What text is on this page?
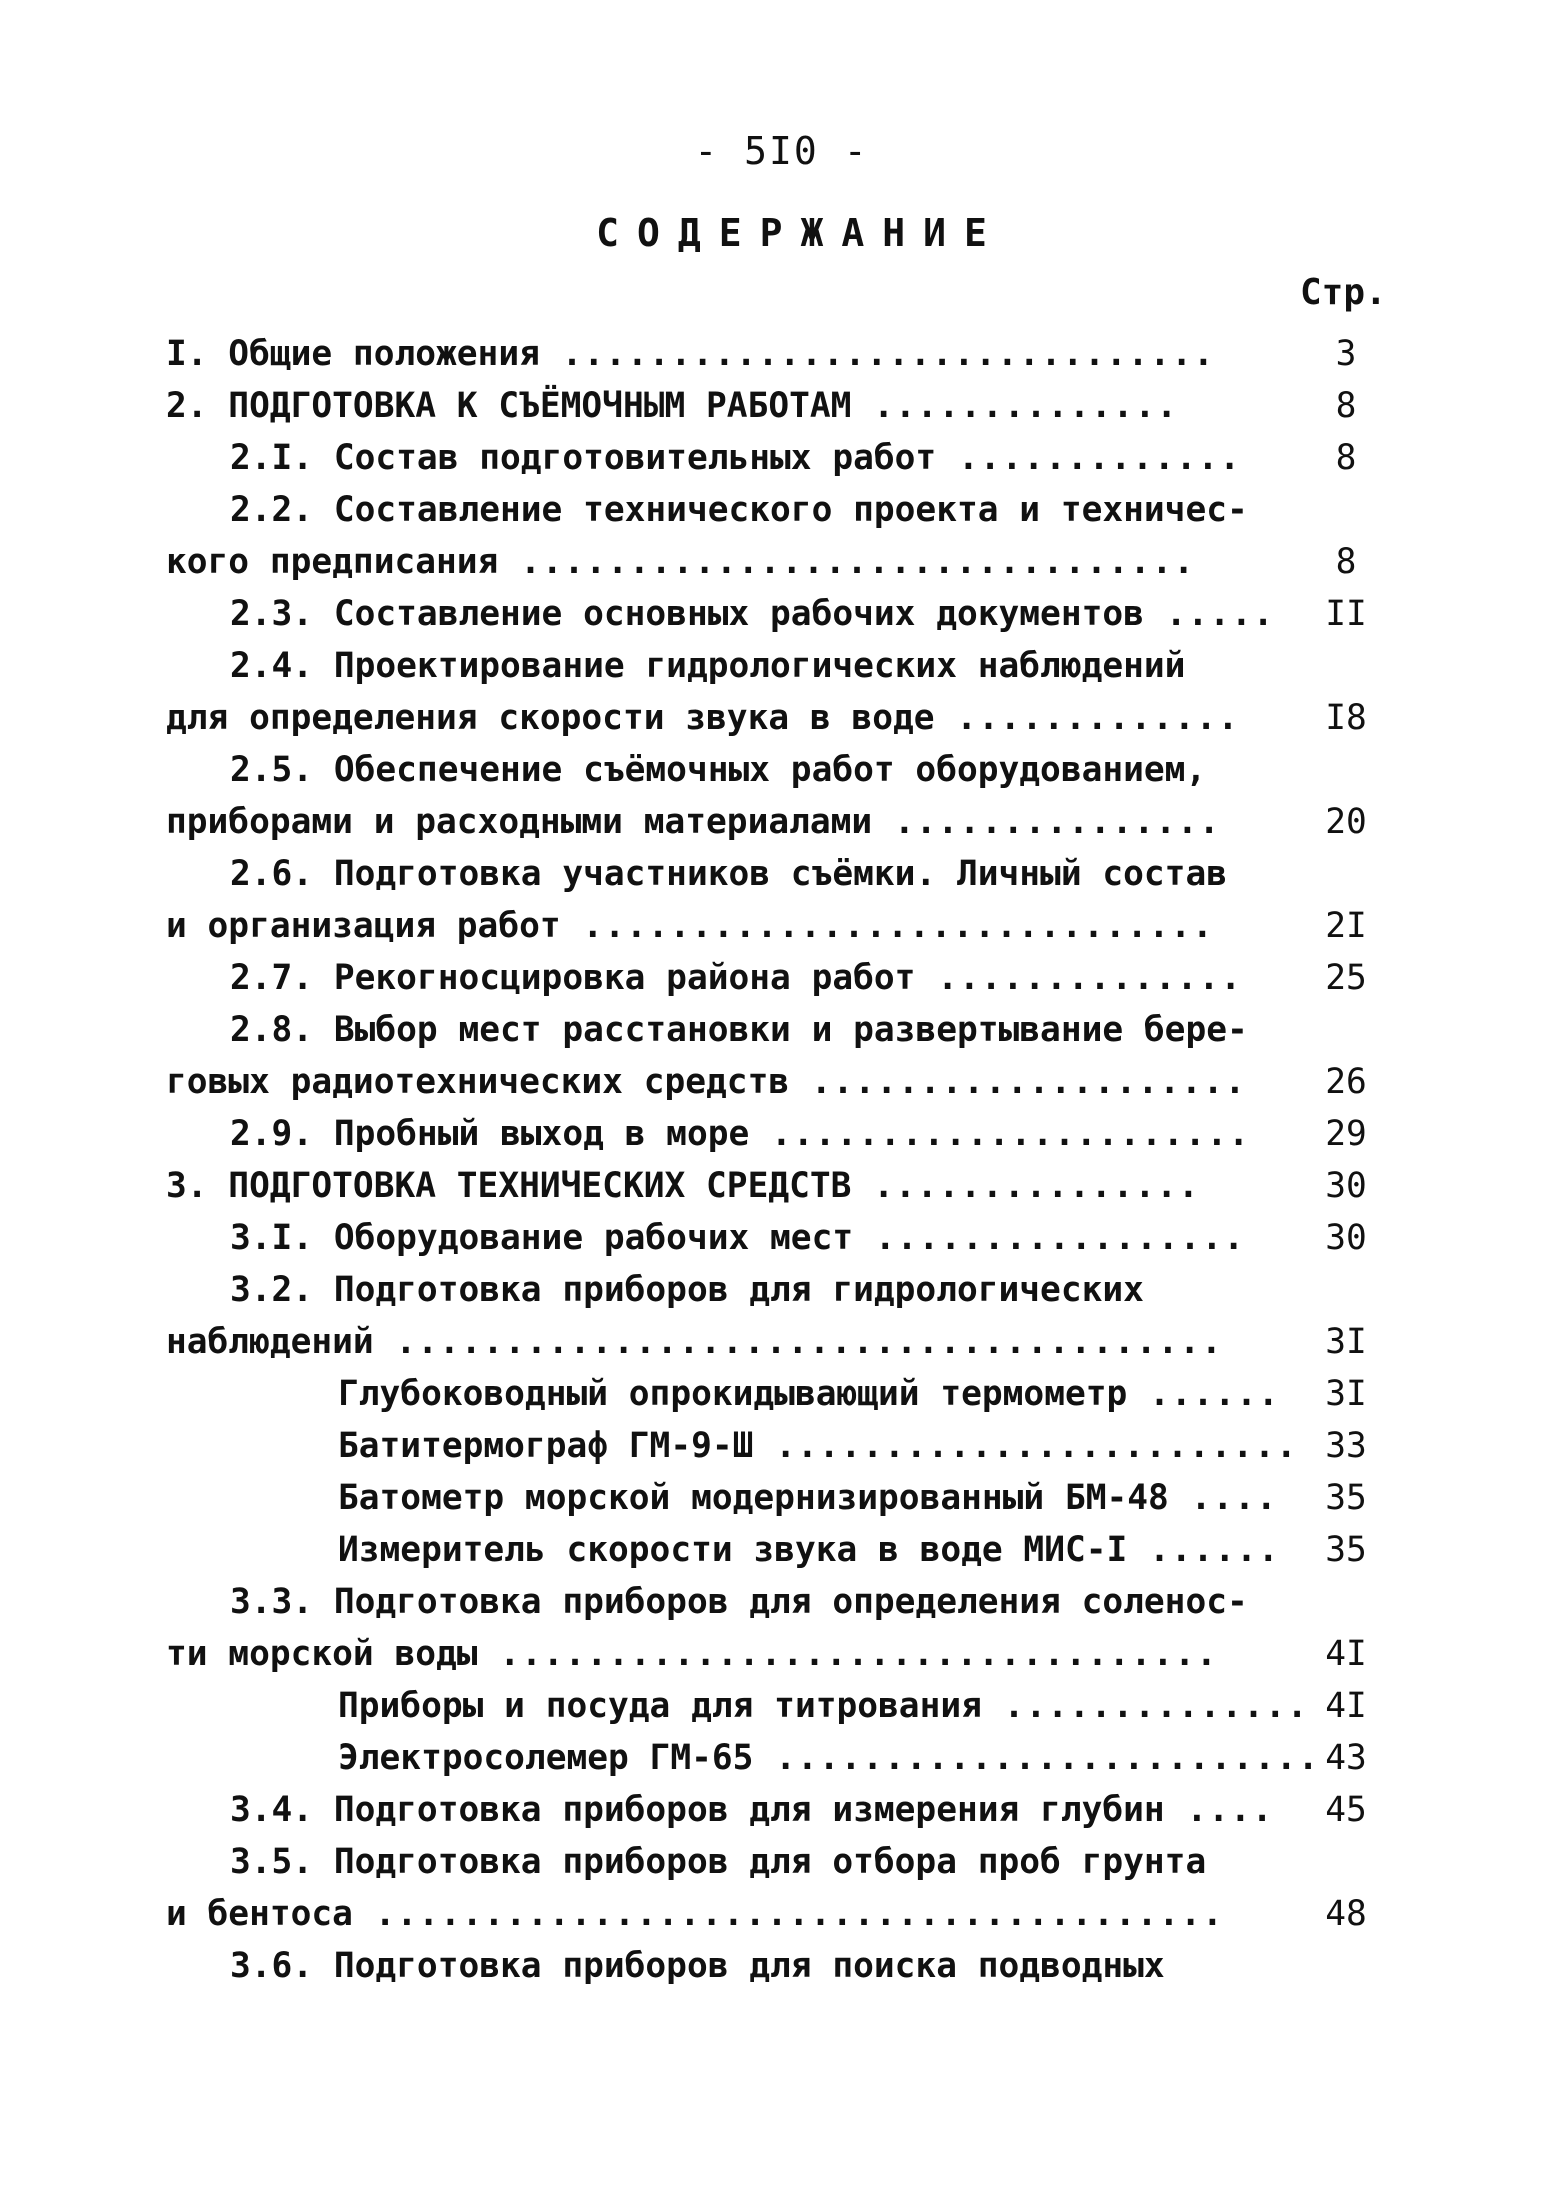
- 5I0 -
СОДЕРЖАНИЕ
Стр.
I. Общие положения ..............................	3
2. ПОДГОТОВКА К СЪЁМОЧНЫМ РАБОТАМ ..............	8
2.I. Состав подготовительных работ .............	8
2.2. Составление технического проекта и техничес-
кого предписания ...............................	8
2.3. Составление основных рабочих документов .....	II
2.4. Проектирование гидрологических наблюдений
для определения скорости звука в воде .............	I8
2.5. Обеспечение съёмочных работ оборудованием,
приборами и расходными материалами ...............	20
2.6. Подготовка участников съёмки. Личный состав
и организация работ .............................	2I
2.7. Рекогносцировка района работ ..............	25
2.8. Выбор мест расстановки и развертывание бере-
говых радиотехнических средств ....................	26
2.9. Пробный выход в море ......................	29
3. ПОДГОТОВКА ТЕХНИЧЕСКИХ СРЕДСТВ ...............	30
3.I. Оборудование рабочих мест .................	30
3.2. Подготовка приборов для гидрологических
наблюдений ......................................	3I
Глубоководный опрокидывающий термометр ......	3I
Батитермограф ГМ-9-Ш ........................ 33
Батометр морской модернизированный БМ-48 ....	35
Измеритель скорости звука в воде МИС-I ......	35
3.3. Подготовка приборов для определения соленос-
ти морской воды .................................	4I
Приборы и посуда для титрования .............. 4I
Электросолемер ГМ-65 ......................... 43
3.4. Подготовка приборов для измерения глубин ....	45
3.5. Подготовка приборов для отбора проб грунта
и бентоса .......................................	48
3.6. Подготовка приборов для поиска подводных
